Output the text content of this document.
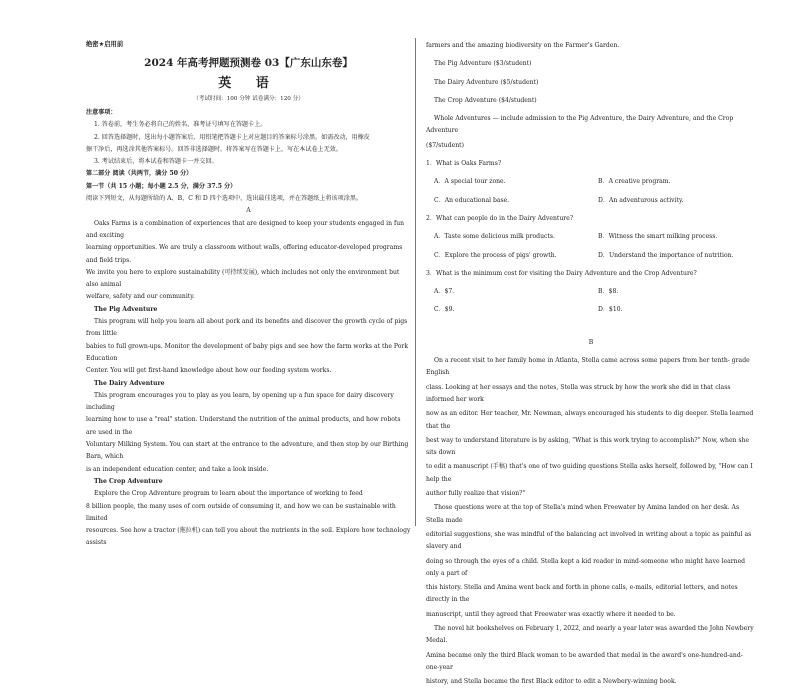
绝密★启用前
2024 年高考押题预测卷 03【广东山东卷】
英 语
（考试时间：100 分钟 试卷满分：120 分）
注意事项：
1. 答卷前，考生务必将自己的姓名、准考证号填写在答题卡上。
2. 回答选择题时，选出每小题答案后，用铅笔把答题卡上对应题目的答案标号涂黑。如需改动，用橡皮
擦干净后，再选涂其他答案标号。回答非选择题时，将答案写在答题卡上，写在本试卷上无效。
3. 考试结束后，将本试卷和答题卡一并交回。
第二部分 阅读（共两节，满分 50 分）
第一节（共 15 小题；每小题 2.5 分，满分 37.5 分）
阅读下列短文，从每题所给的 A、B、C 和 D 四个选项中，选出最佳选项，并在答题纸上将该项涂黑。
A
Oaks Farms is a combination of experiences that are designed to keep your students engaged in fun and exciting
learning opportunities. We are truly a classroom without walls, offering educator-developed programs and field trips.
We invite you here to explore sustainability (可持续发展), which includes not only the environment but also animal
welfare, safety and our community.
The Pig Adventure
This program will help you learn all about pork and its benefits and discover the growth cycle of pigs from little
babies to full grown-ups. Monitor the development of baby pigs and see how the farm works at the Pork Education
Center. You will get first-hand knowledge about how our feeding system works.
The Dairy Adventure
This program encourages you to play as you learn, by opening up a fun space for dairy discovery including
learning how to use a "real" station. Understand the nutrition of the animal products, and how robots are used in the
Voluntary Milking System. You can start at the entrance to the adventure, and then stop by our Birthing Barn, which
is an independent education center, and take a look inside.
The Crop Adventure
Explore the Crop Adventure program to learn about the importance of working to feed
8 billion people, the many uses of corn outside of consuming it, and how we can be sustainable with limited
resources. See how a tractor (拖拉机) can tell you about the nutrients in the soil. Explore how technology assists
farmers and the amazing biodiversity on the Farmer's Garden.
The Pig Adventure ($3/student)
The Dairy Adventure ($5/student)
The Crop Adventure ($4/student)
Whole Adventures — include admission to the Pig Adventure, the Dairy Adventure, and the Crop Adventure
($7/student)
1．What is Oaks Farms?
A．A special tour zone.	B．A creative program.
C．An educational base.	D．An adventurous activity.
2．What can people do in the Dairy Adventure?
A．Taste some delicious milk products.	B．Witness the smart milking process.
C．Explore the process of pigs' growth.	D．Understand the importance of nutrition.
3．What is the minimum cost for visiting the Dairy Adventure and the Crop Adventure?
A．$7.	B．$8.
C．$9.	D．$10.
B
On a recent visit to her family home in Atlanta, Stella came across some papers from her tenth- grade English
class. Looking at her essays and the notes, Stella was struck by how the work she did in that class informed her work
now as an editor. Her teacher, Mr. Newman, always encouraged his students to dig deeper. Stella learned that the
best way to understand literature is by asking, "What is this work trying to accomplish?" Now, when she sits down
to edit a manuscript (手稿) that's one of two guiding questions Stella asks herself, followed by, "How can I help the
author fully realize that vision?"
Those questions were at the top of Stella's mind when Freewater by Amina landed on her desk. As Stella made
editorial suggestions, she was mindful of the balancing act involved in writing about a topic as painful as slavery and
doing so through the eyes of a child. Stella kept a kid reader in mind-someone who might have learned only a part of
this history. Stella and Amina went back and forth in phone calls, e-mails, editorial letters, and notes directly in the
manuscript, until they agreed that Freewater was exactly where it needed to be.
The novel hit bookshelves on February 1, 2022, and nearly a year later was awarded the John Newbery Medal.
Amina became only the third Black woman to be awarded that medal in the award's one-hundred-and-one-year
history, and Stella became the first Black editor to edit a Newbery-winning book.
